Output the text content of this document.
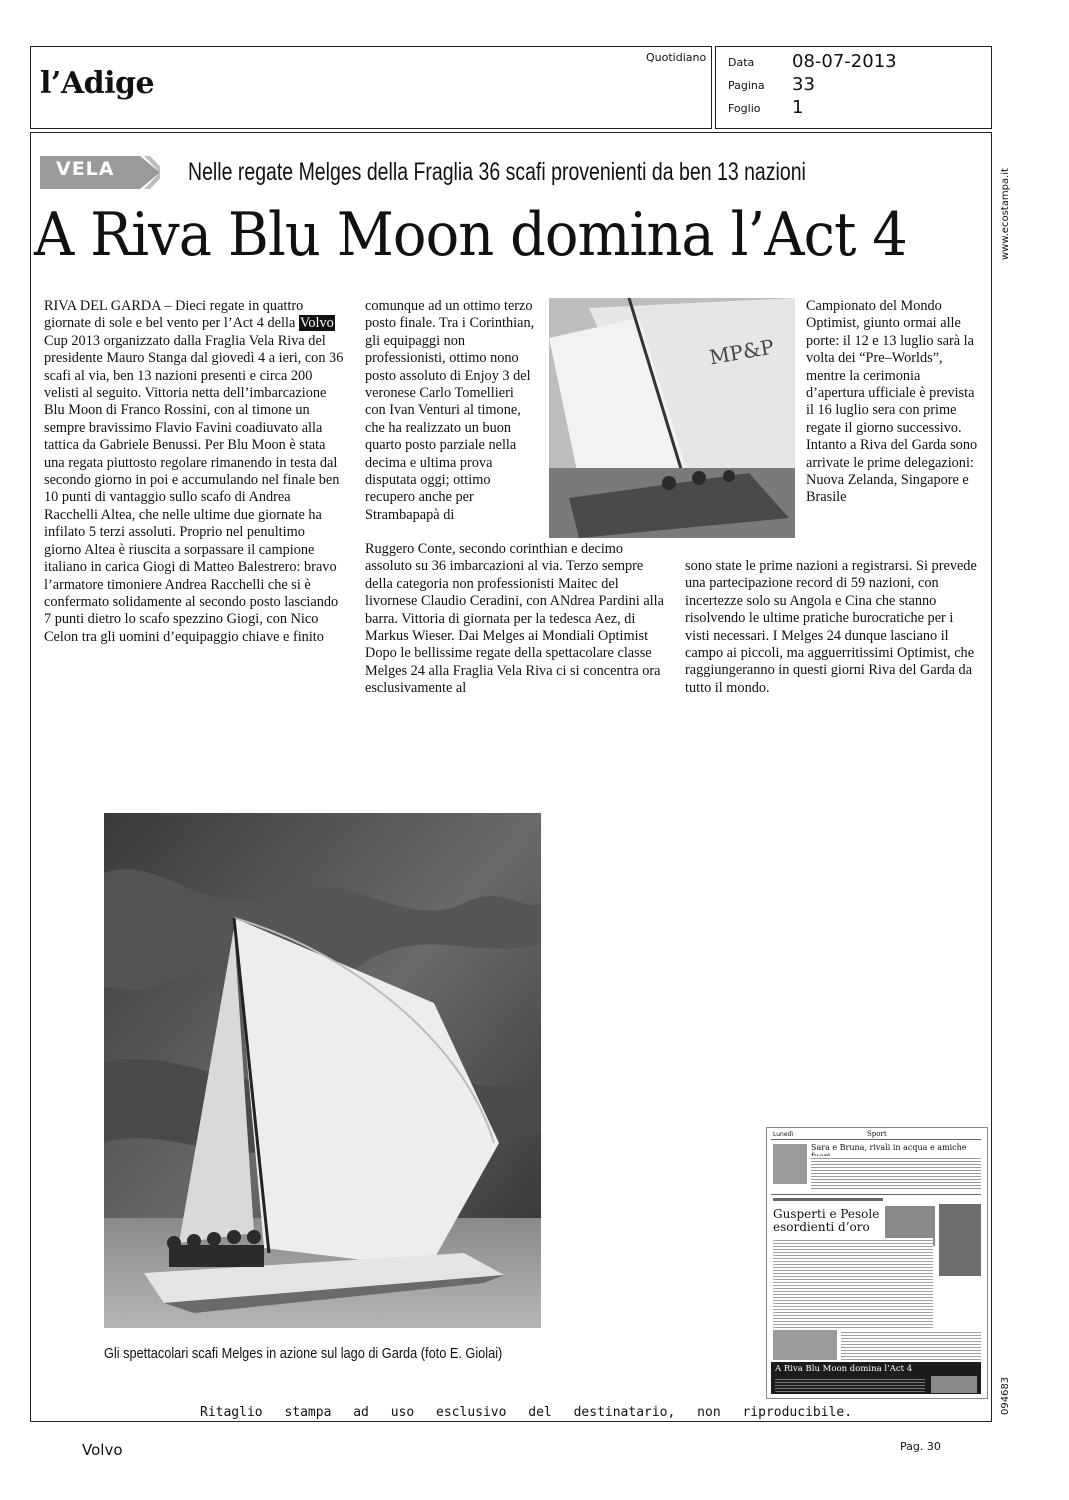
l’Adige
Quotidiano Data 08-07-2013
Pagina 33
Foglio 1
www.ecostampa.it
094683
VELA	Nelle regate Melges della Fraglia 36 scafi provenienti da ben 13 nazioni
A Riva Blu Moon domina l’Act 4
RIVA DEL GARDA – Dieci regate in quattro giornate di sole e bel vento per l’Act 4 della Volvo Cup 2013 organizzato dalla Fraglia Vela Riva del presidente Mauro Stanga dal giovedì 4 a ieri, con 36 scafi al via, ben 13 nazioni presenti e circa 200 velisti al seguito. Vittoria netta dell’imbarcazione Blu Moon di Franco Rossini, con al timone un sempre bravissimo Flavio Favini coadiuvato alla tattica da Gabriele Benussi. Per Blu Moon è stata una regata piuttosto regolare rimanendo in testa dal secondo giorno in poi e accumulando nel finale ben 10 punti di vantaggio sullo scafo di Andrea Racchelli Altea, che nelle ultime due giornate ha infilato 5 terzi assoluti. Proprio nel penultimo giorno Altea è riuscita a sorpassare il campione italiano in carica Giogi di Matteo Balestrero: bravo l’armatore timoniere Andrea Racchelli che si è confermato solidamente al secondo posto lasciando 7 punti dietro lo scafo spezzino Giogi, con Nico Celon tra gli uomini d’equipaggio chiave e finito
comunque ad un ottimo terzo posto finale. Tra i Corinthian, gli equipaggi non professionisti, ottimo nono posto assoluto di Enjoy 3 del veronese Carlo Tomellieri con Ivan Venturi al timone, che ha realizzato un buon quarto posto parziale nella decima e ultima prova disputata oggi; ottimo recupero anche per Strambapapà di
Ruggero Conte, secondo corinthian e decimo assoluto su 36 imbarcazioni al via. Terzo sempre della categoria non professionisti Maitec del livornese Claudio Ceradini, con ANdrea Pardini alla barra. Vittoria di giornata per la tedesca Aez, di Markus Wieser. Dai Melges ai Mondiali Optimist Dopo le bellissime regate della spettacolare classe Melges 24 alla Fraglia Vela Riva ci si concentra ora esclusivamente al
Campionato del Mondo Optimist, giunto ormai alle porte: il 12 e 13 luglio sarà la volta dei “Pre–Worlds”, mentre la cerimonia d’apertura ufficiale è prevista il 16 luglio sera con prime regate il giorno successivo. Intanto a Riva del Garda sono arrivate le prime delegazioni: Nuova Zelanda, Singapore e Brasile
sono state le prime nazioni a registrarsi. Si prevede una partecipazione record di 59 nazioni, con incertezze solo su Angola e Cina che stanno risolvendo le ultime pratiche burocratiche per i visti necessari. I Melges 24 dunque lasciano il campo ai piccoli, ma agguerritissimi Optimist, che raggiungeranno in questi giorni Riva del Garda da tutto il mondo.
MP&P
Gli spettacolari scafi Melges in azione sul lago di Garda (foto E. Giolai)
Lunedì	Sport
Sara e Bruna, rivali in acqua e amiche
Gusperti e Pesole esordienti d’oro
A Riva Blu Moon domina l’Act 4
Ritaglio stampa ad uso esclusivo del destinatario, non riproducibile.
Volvo	Pag. 30
